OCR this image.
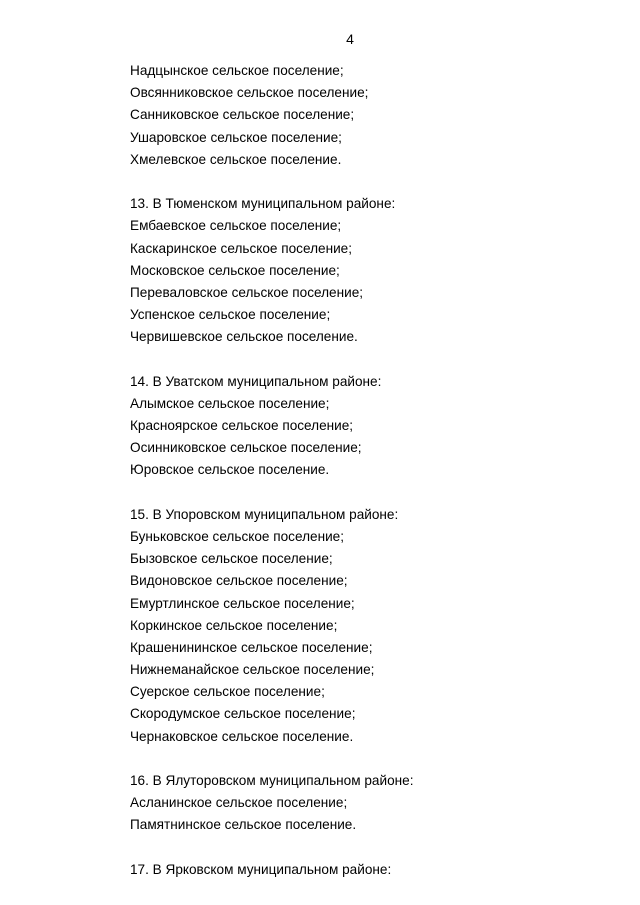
4
Надцынское сельское поселение;
Овсянниковское сельское поселение;
Санниковское сельское поселение;
Ушаровское сельское поселение;
Хмелевское сельское поселение.
13. В Тюменском муниципальном районе:
Ембаевское сельское поселение;
Каскаринское сельское поселение;
Московское сельское поселение;
Переваловское сельское поселение;
Успенское сельское поселение;
Червишевское сельское поселение.
14. В Уватском муниципальном районе:
Алымское сельское поселение;
Красноярское сельское поселение;
Осинниковское сельское поселение;
Юровское сельское поселение.
15. В Упоровском муниципальном районе:
Буньковское сельское поселение;
Бызовское сельское поселение;
Видоновское сельское поселение;
Емуртлинское сельское поселение;
Коркинское сельское поселение;
Крашенининское сельское поселение;
Нижнеманайское сельское поселение;
Суерское сельское поселение;
Скородумское сельское поселение;
Чернаковское сельское поселение.
16. В Ялуторовском муниципальном районе:
Асланинское сельское поселение;
Памятнинское сельское поселение.
17. В Ярковском муниципальном районе:
